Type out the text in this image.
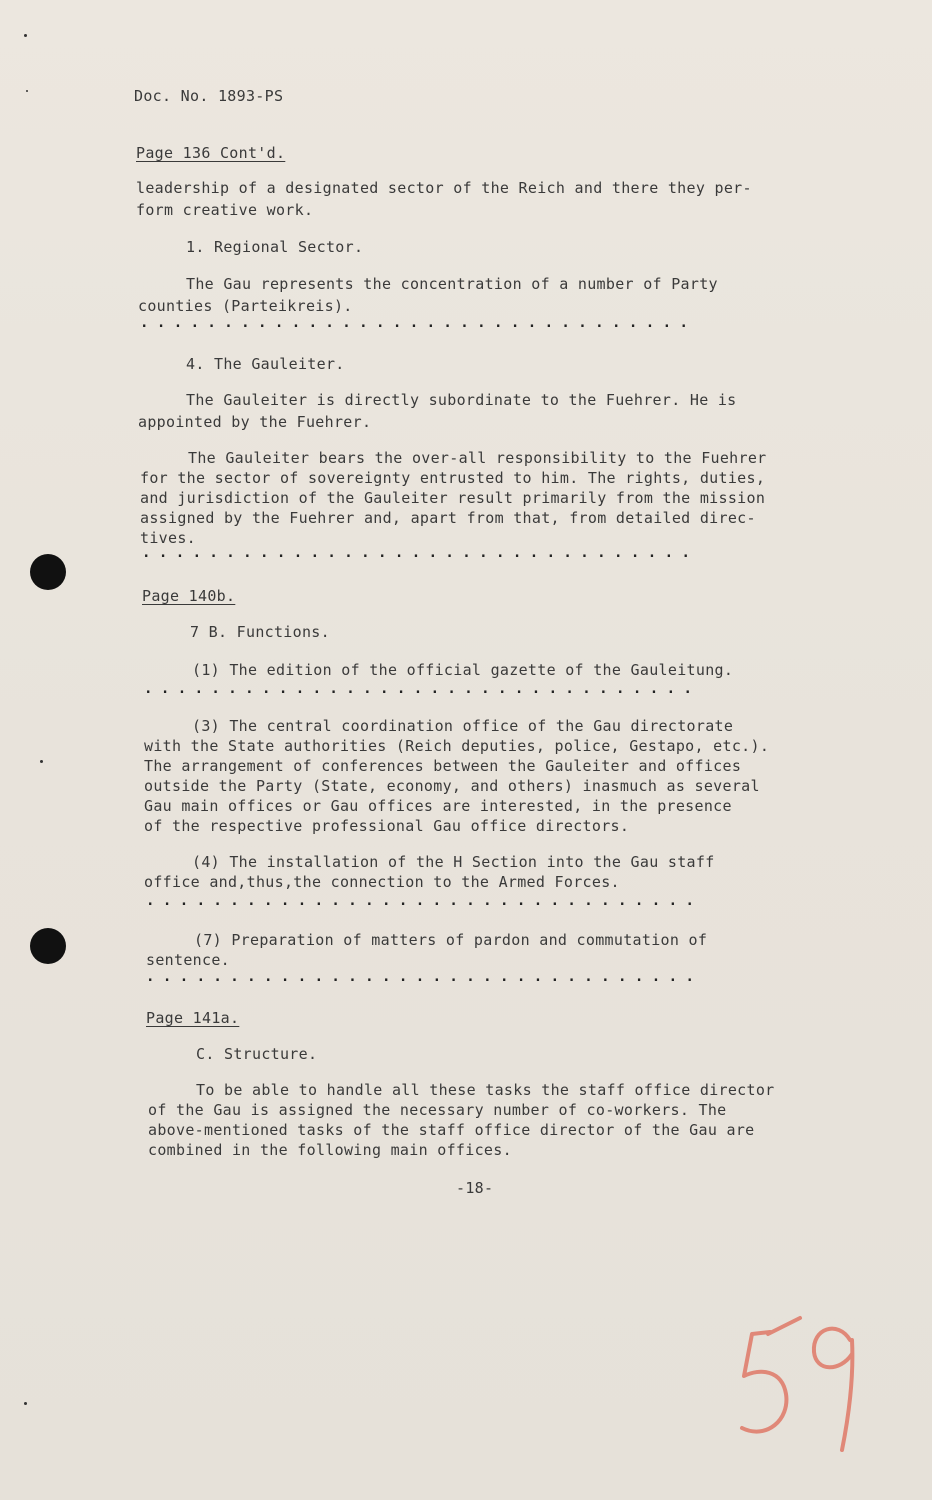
Doc. No. 1893-PS
Page 136 Cont'd.
leadership of a designated sector of the Reich and there they per-
form creative work.
1. Regional Sector.
The Gau represents the concentration of a number of Party
counties (Parteikreis).
. . . . . . . . . . . . . . . . . . . . . . . . . . . . . . . . .
4. The Gauleiter.
The Gauleiter is directly subordinate to the Fuehrer. He is
appointed by the Fuehrer.
The Gauleiter bears the over-all responsibility to the Fuehrer
for the sector of sovereignty entrusted to him. The rights, duties,
and jurisdiction of the Gauleiter result primarily from the mission
assigned by the Fuehrer and, apart from that, from detailed direc-
tives.
. . . . . . . . . . . . . . . . . . . . . . . . . . . . . . . . .
Page 140b.
7 B. Functions.
(1) The edition of the official gazette of the Gauleitung.
. . . . . . . . . . . . . . . . . . . . . . . . . . . . . . . . .
(3) The central coordination office of the Gau directorate
with the State authorities (Reich deputies, police, Gestapo, etc.).
The arrangement of conferences between the Gauleiter and offices
outside the Party (State, economy, and others) inasmuch as several
Gau main offices or Gau offices are interested, in the presence
of the respective professional Gau office directors.
(4) The installation of the H Section into the Gau staff
office and,thus,the connection to the Armed Forces.
. . . . . . . . . . . . . . . . . . . . . . . . . . . . . . . . .
(7) Preparation of matters of pardon and commutation of
sentence.
. . . . . . . . . . . . . . . . . . . . . . . . . . . . . . . . .
Page 141a.
C. Structure.
To be able to handle all these tasks the staff office director
of the Gau is assigned the necessary number of co-workers. The
above-mentioned tasks of the staff office director of the Gau are
combined in the following main offices.
-18-
